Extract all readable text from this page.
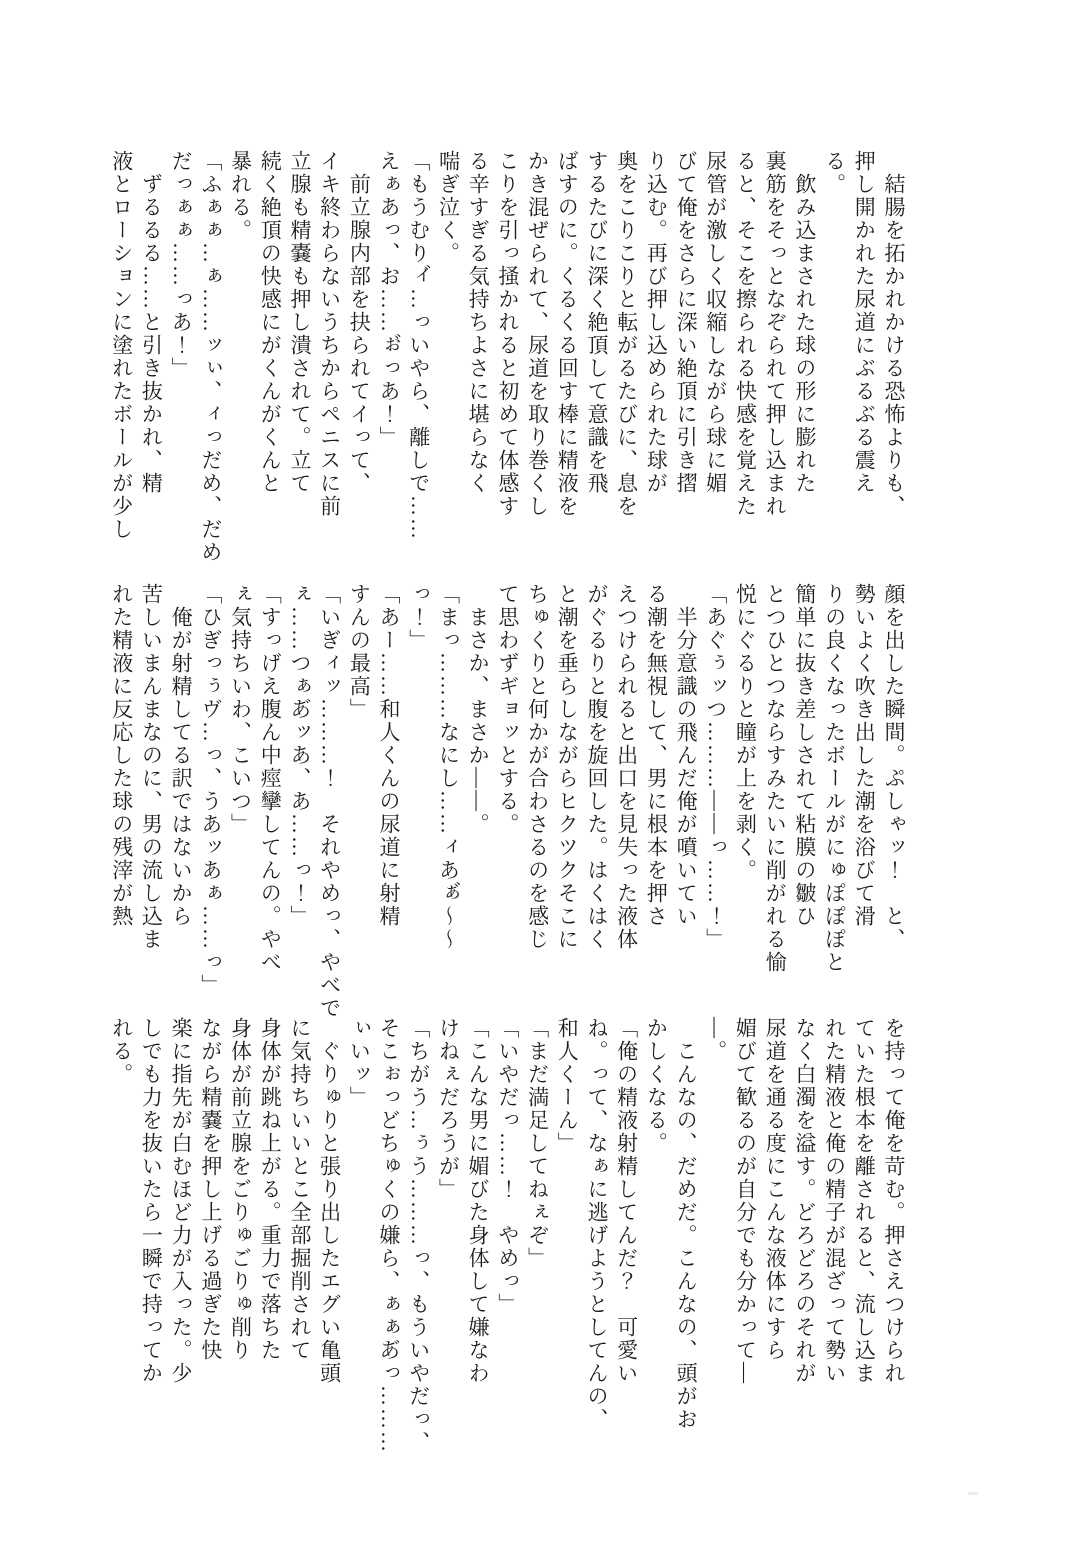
　結腸を拓かれかける恐怖よりも、

押し開かれた尿道にぶるぶる震え

る。

　飲み込まされた球の形に膨れた

裏筋をそっとなぞられて押し込まれ

ると、そこを擦られる快感を覚えた

尿管が激しく収縮しながら球に媚

びて俺をさらに深い絶頂に引き摺

り込む。再び押し込められた球が

奥をこりこりと転がるたびに、息を

するたびに深く絶頂して意識を飛

ばすのに。くるくる回す棒に精液を

かき混ぜられて、尿道を取り巻くし

こりを引っ掻かれると初めて体感す

る辛すぎる気持ちよさに堪らなく

喘ぎ泣く。

「もうむりィ゙…っいやら、離しで……

えぁあっ、お……ぉ゙っあ！」

　前立腺内部を抉られてイって、

イキ終わらないうちからペニスに前

立腺も精嚢も押し潰されて。立て

続く絶頂の快感にがくんがくんと

暴れる。

「ふぁぁ…ぁ……ッぃ、ィっだめ、だめ

だっぁぁ……っあ！」

　ずるるる……と引き抜かれ、精

液とローションに塗れたボールが少し

顔を出した瞬間。ぷしゃッ！　と、

勢いよく吹き出した潮を浴びて滑

りの良くなったボールがにゅぽぽぽと

簡単に抜き差しされて粘膜の皺ひ

とつひとつならすみたいに削がれる愉

悦にぐるりと瞳が上を剥く。

「あぐぅッつ………――っ……！」

　半分意識の飛んだ俺が噴いてい

る潮を無視して、男に根本を押さ

えつけられると出口を見失った液体

がぐるりと腹を旋回した。はくはく

と潮を垂らしながらヒクツクそこに

ちゅくりと何かが合わさるのを感じ

て思わずギョッとする。

　まさか、まさか――。

「まっ………なにし……ィあぁ゙～～

っ！」

「あー……和人くんの尿道に射精

すんの最高」

「いぎィッ………！　それやめっ、やべで

ぇ……つぁあ゙ッあ、あ……っ！」

「すっげえ腹ん中痙攣してんの。やべ

ぇ気持ちいわ、こいつ」

「ひぎっぅヴ…っ、うあッあぁ……っ」

　俺が射精してる訳ではないから

苦しいまんまなのに、男の流し込ま

れた精液に反応した球の残滓が熱

を持って俺を苛む。押さえつけられ

ていた根本を離されると、流し込ま

れた精液と俺の精子が混ざって勢い

なく白濁を溢す。どろどろのそれが

尿道を通る度にこんな液体にすら

媚びて歓るのが自分でも分かって―

―。

　こんなの、だめだ。こんなの、頭がお

かしくなる。

「俺の精液射精してんだ？　可愛い

ね。って、なぁに逃げようとしてんの、

和人くーん」

「まだ満足してねぇぞ」

「いやだっ……！　やめっ」

「こんな男に媚びた身体して嫌なわ

けねぇだろうが」

「ちがう…ぅう………っ、もういやだっ、

そこぉっどちゅくの嫌ら、ぁぁあ゙っ………

ぃいッ」

　ぐりゅりと張り出したエグい亀頭

に気持ちいいとこ全部掘削されて

身体が跳ね上がる。重力で落ちた

身体が前立腺をごりゅごりゅ削り

ながら精嚢を押し上げる過ぎた快

楽に指先が白むほど力が入った。少

しでも力を抜いたら一瞬で持ってか

れる。
